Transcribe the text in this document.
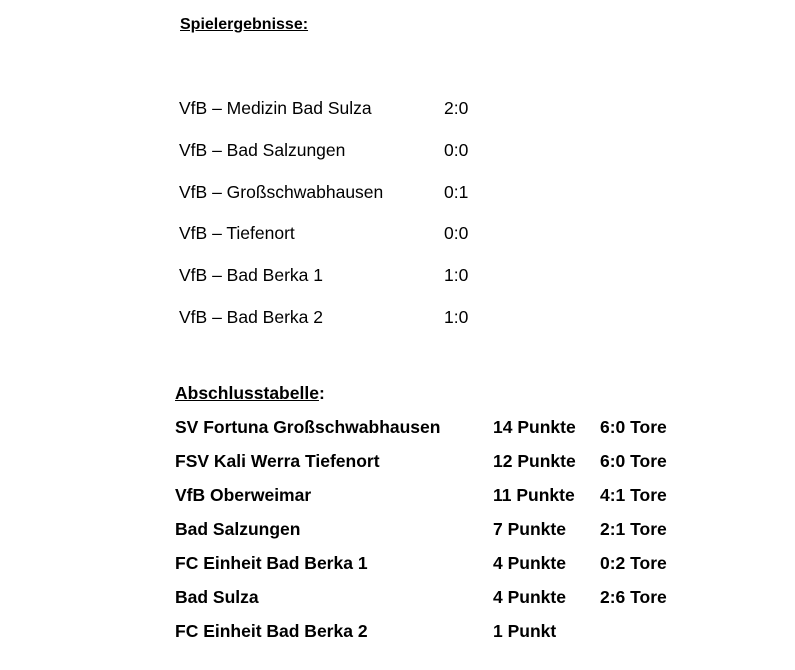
Spielergebnisse:
VfB – Medizin Bad Sulza	2:0
VfB – Bad Salzungen	0:0
VfB – Großschwabhausen	0:1
VfB – Tiefenort	0:0
VfB – Bad Berka 1	1:0
VfB – Bad Berka 2	1:0
Abschlusstabelle:
SV Fortuna Großschwabhausen	14 Punkte	6:0 Tore
FSV Kali Werra Tiefenort	12 Punkte	6:0 Tore
VfB Oberweimar	11 Punkte	4:1 Tore
Bad Salzungen	7 Punkte	2:1 Tore
FC Einheit Bad Berka 1	4 Punkte	0:2 Tore
Bad Sulza	4 Punkte	2:6 Tore
FC Einheit Bad Berka 2	1 Punkt
